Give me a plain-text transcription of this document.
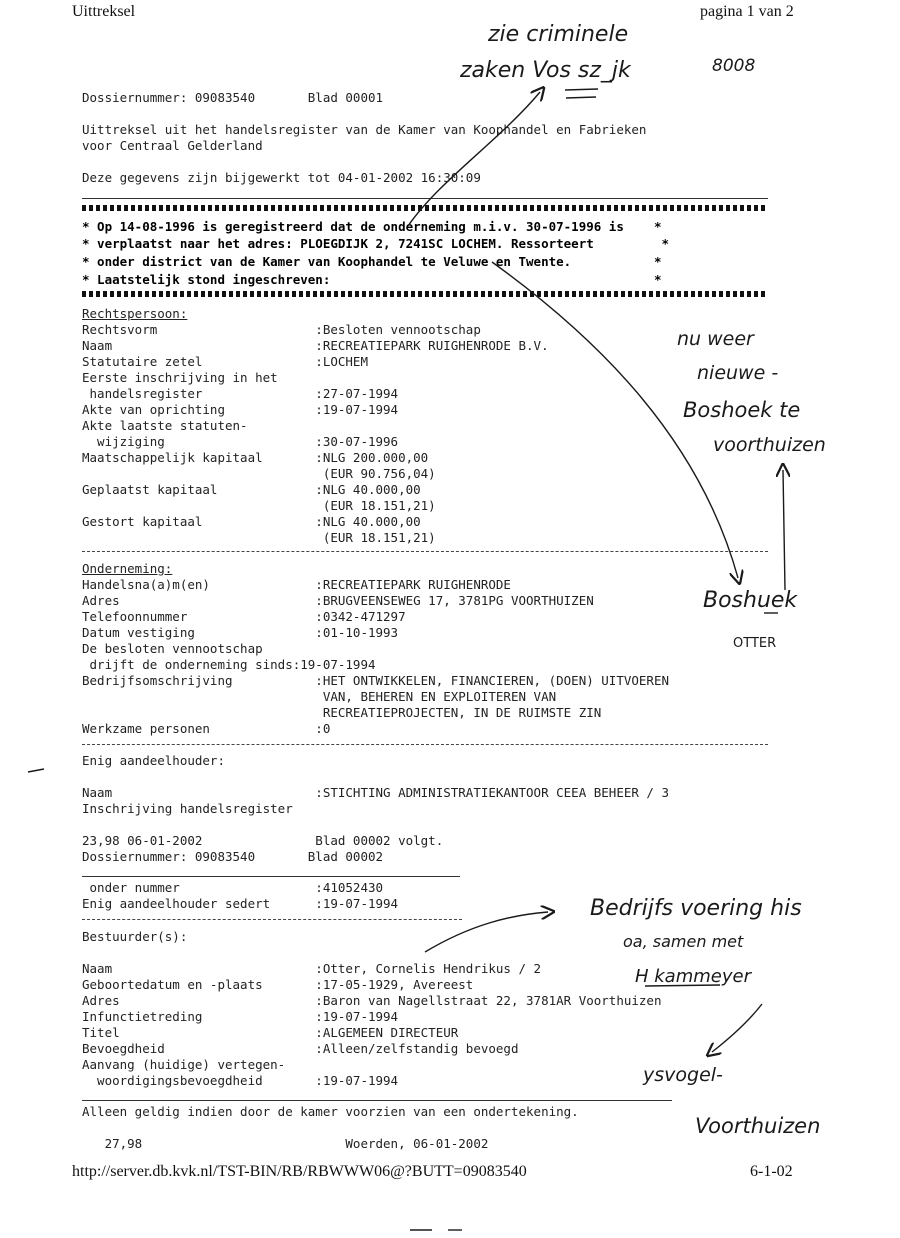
Uittreksel	pagina 1 van 2
Dossiernummer: 09083540       Blad 00001
Uittreksel uit het handelsregister van de Kamer van Koophandel en Fabrieken
voor Centraal Gelderland
Deze gegevens zijn bijgewerkt tot 04-01-2002 16:30:09
* Op 14-08-1996 is geregistreerd dat de onderneming m.i.v. 30-07-1996 is    *
* verplaatst naar het adres: PLOEGDIJK 2, 7241SC LOCHEM. Ressorteert         *
* onder district van de Kamer van Koophandel te Veluwe en Twente.           *
* Laatstelijk stond ingeschreven:                                           *
Rechtspersoon:
Rechtsvorm                     :Besloten vennootschap
Naam                           :RECREATIEPARK RUIGHENRODE B.V.
Statutaire zetel               :LOCHEM
Eerste inschrijving in het
handelsregister               :27-07-1994
Akte van oprichting            :19-07-1994
Akte laatste statuten-
wijziging                    :30-07-1996
Maatschappelijk kapitaal       :NLG 200.000,00
(EUR 90.756,04)
Geplaatst kapitaal             :NLG 40.000,00
(EUR 18.151,21)
Gestort kapitaal               :NLG 40.000,00
(EUR 18.151,21)
Onderneming:
Handelsna(a)m(en)              :RECREATIEPARK RUIGHENRODE
Adres                          :BRUGVEENSEWEG 17, 3781PG VOORTHUIZEN
Telefoonnummer                 :0342-471297
Datum vestiging                :01-10-1993
De besloten vennootschap
drijft de onderneming sinds:19-07-1994
Bedrijfsomschrijving           :HET ONTWIKKELEN, FINANCIEREN, (DOEN) UITVOEREN
VAN, BEHEREN EN EXPLOITEREN VAN
RECREATIEPROJECTEN, IN DE RUIMSTE ZIN
Werkzame personen              :0
Enig aandeelhouder:
Naam                           :STICHTING ADMINISTRATIEKANTOOR CEEA BEHEER / 3
Inschrijving handelsregister
23,98 06-01-2002               Blad 00002 volgt.
Dossiernummer: 09083540       Blad 00002
onder nummer                  :41052430
Enig aandeelhouder sedert      :19-07-1994
Bestuurder(s):
Naam                           :Otter, Cornelis Hendrikus / 2
Geboortedatum en -plaats       :17-05-1929, Avereest
Adres                          :Baron van Nagellstraat 22, 3781AR Voorthuizen
Infunctietreding               :19-07-1994
Titel                          :ALGEMEEN DIRECTEUR
Bevoegdheid                    :Alleen/zelfstandig bevoegd
Aanvang (huidige) vertegen-
woordigingsbevoegdheid       :19-07-1994
Alleen geldig indien door de kamer voorzien van een ondertekening.
27,98                           Woerden, 06-01-2002
http://server.db.kvk.nl/TST-BIN/RB/RBWWW06@?BUTT=09083540	6-1-02
zie criminele
zaken Vos sz_jk	8008
nu weer
nieuwe -
Boshoek te
voorthuizen
Boshuek
OTTER
Bedrijfs voering his
oa, samen met
H kammeyer
ysvogel-
Voorthuizen
